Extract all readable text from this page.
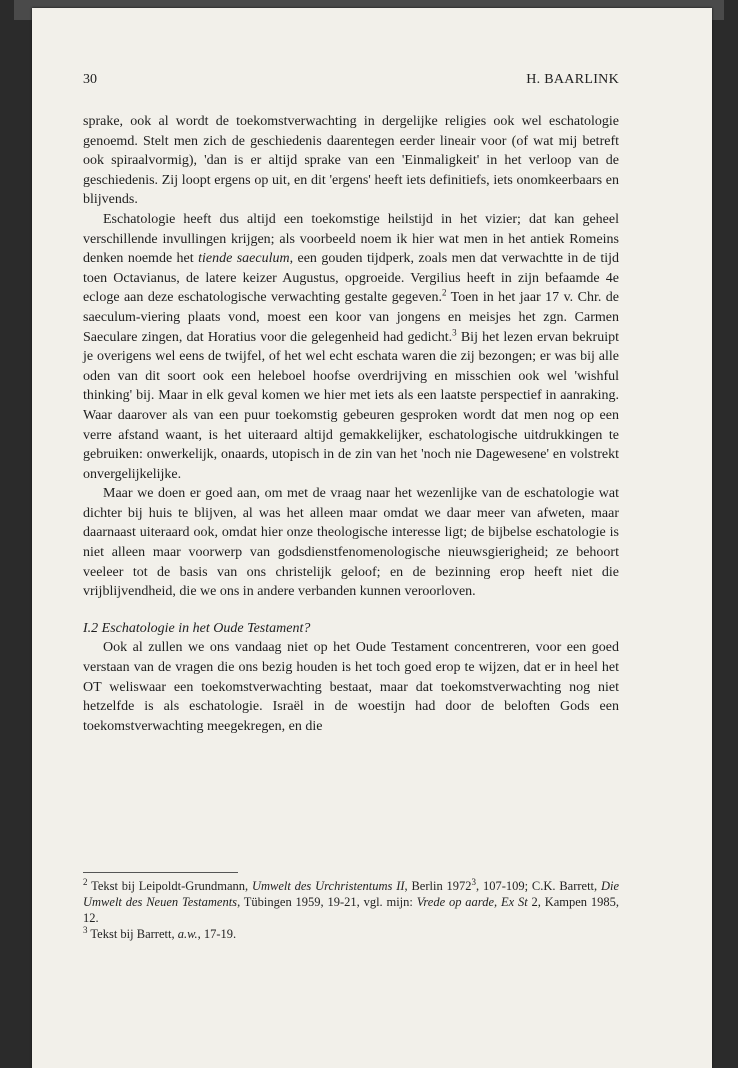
30	H. BAARLINK

sprake, ook al wordt de toekomstverwachting in dergelijke religies ook wel eschatologie genoemd. Stelt men zich de geschiedenis daarentegen eerder lineair voor (of wat mij betreft ook spiraalvormig), 'dan is er altijd sprake van een 'Einmaligkeit' in het verloop van de geschiedenis. Zij loopt ergens op uit, en dit 'ergens' heeft iets definitiefs, iets onomkeerbaars en blijvends.

Eschatologie heeft dus altijd een toekomstige heilstijd in het vizier; dat kan geheel verschillende invullingen krijgen; als voorbeeld noem ik hier wat men in het antiek Romeins denken noemde het tiende saeculum, een gouden tijdperk, zoals men dat verwachtte in de tijd toen Octavianus, de latere keizer Augustus, opgroeide. Vergilius heeft in zijn befaamde 4e ecloge aan deze eschatologische verwachting gestalte gegeven.$^2$ Toen in het jaar 17 v. Chr. de saeculum-viering plaats vond, moest een koor van jongens en meisjes het zgn. Carmen Saeculare zingen, dat Horatius voor die gelegenheid had gedicht.$^3$ Bij het lezen ervan bekruipt je overigens wel eens de twijfel, of het wel echt eschata waren die zij bezongen; er was bij alle oden van dit soort ook een heleboel hoofse overdrijving en misschien ook wel 'wishful thinking' bij. Maar in elk geval komen we hier met iets als een laatste perspectief in aanraking. Waar daarover als van een puur toekomstig gebeuren gesproken wordt dat men nog op een verre afstand waant, is het uiteraard altijd gemakkelijker, eschatologische uitdrukkingen te gebruiken: onwerkelijk, onaards, utopisch in de zin van het 'noch nie Dagewesene' en volstrekt onvergelijkelijke.

Maar we doen er goed aan, om met de vraag naar het wezenlijke van de eschatologie wat dichter bij huis te blijven, al was het alleen maar omdat we daar meer van afweten, maar daarnaast uiteraard ook, omdat hier onze theologische interesse ligt; de bijbelse eschatologie is niet alleen maar voorwerp van godsdienstfenomenologische nieuwsgierigheid; ze behoort veeleer tot de basis van ons christelijk geloof; en de bezinning erop heeft niet die vrijblijvendheid, die we ons in andere verbanden kunnen veroorloven.

I.2 Eschatologie in het Oude Testament?

Ook al zullen we ons vandaag niet op het Oude Testament concentreren, voor een goed verstaan van de vragen die ons bezig houden is het toch goed erop te wijzen, dat er in heel het OT weliswaar een toekomstverwachting bestaat, maar dat toekomstverwachting nog niet hetzelfde is als eschatologie. Israël in de woestijn had door de beloften Gods een toekomstverwachting meegekregen, en die

$^2$ Tekst bij Leipoldt-Grundmann, Umwelt des Urchristentums II, Berlin 1972$^3$, 107-109; C.K. Barrett, Die Umwelt des Neuen Testaments, Tübingen 1959, 19-21, vgl. mijn: Vrede op aarde, Ex St 2, Kampen 1985, 12.

$^3$ Tekst bij Barrett, a.w., 17-19.
